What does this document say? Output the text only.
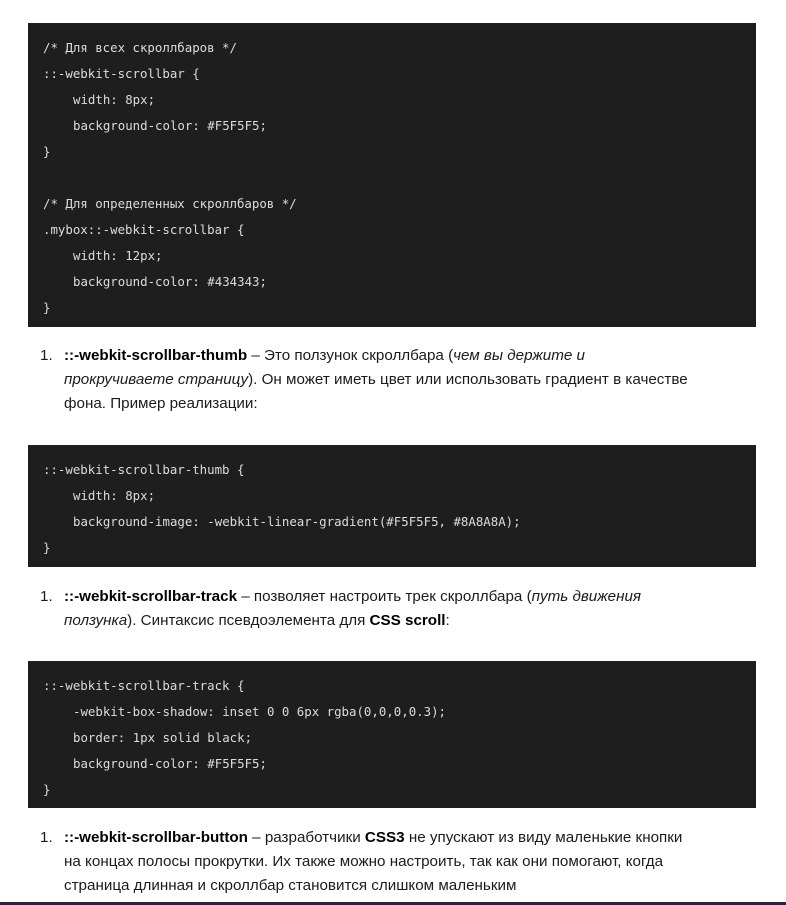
/* Для всех скроллбаров */
::-webkit-scrollbar {
width: 8px;
background-color: #F5F5F5;
}
/* Для определенных скроллбаров */
.mybox::-webkit-scrollbar {
width: 12px;
background-color: #434343;
}
1. ::-webkit-scrollbar-thumb – Это ползунок скроллбара (чем вы держите и прокручиваете страницу). Он может иметь цвет или использовать градиент в качестве фона. Пример реализации:
::-webkit-scrollbar-thumb {
width: 8px;
background-image: -webkit-linear-gradient(#F5F5F5, #8A8A8A);
}
1. ::-webkit-scrollbar-track – позволяет настроить трек скроллбара (путь движения ползунка). Синтаксис псевдоэлемента для CSS scroll:
::-webkit-scrollbar-track {
-webkit-box-shadow: inset 0 0 6px rgba(0,0,0,0.3);
border: 1px solid black;
background-color: #F5F5F5;
}
1. ::-webkit-scrollbar-button – разработчики CSS3 не упускают из виду маленькие кнопки на концах полосы прокрутки. Их также можно настроить, так как они помогают, когда страница длинная и скроллбар становится слишком маленьким
